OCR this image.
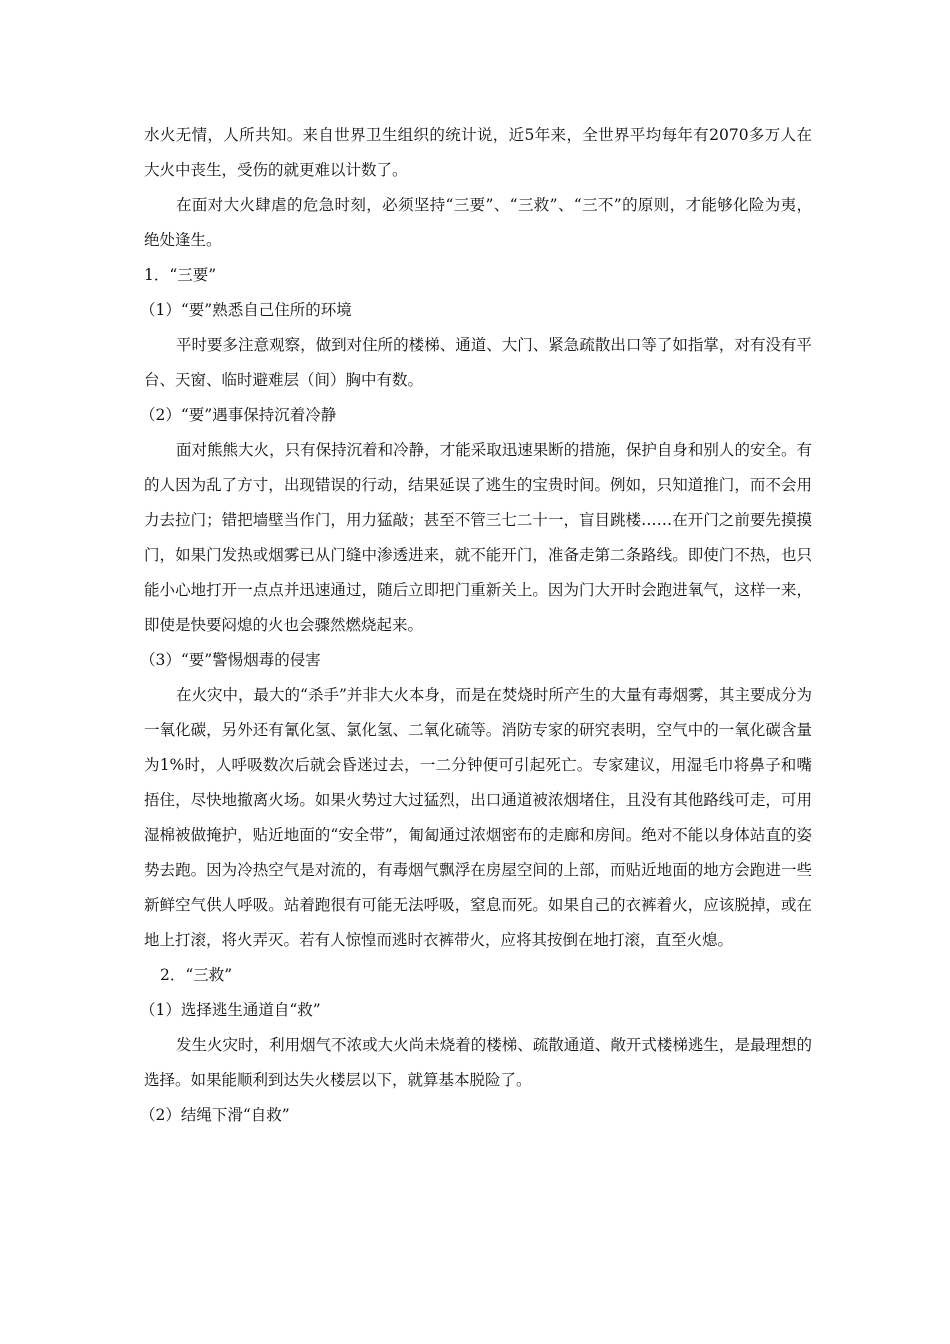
水火无情，人所共知。来自世界卫生组织的统计说，近5年来，全世界平均每年有2070多万人在大火中丧生，受伤的就更难以计数了。

在面对大火肆虐的危急时刻，必须坚持“三要”、“三救”、“三不”的原则，才能够化险为夷，绝处逢生。

1．“三要”

（1）“要”熟悉自己住所的环境

平时要多注意观察，做到对住所的楼梯、通道、大门、紧急疏散出口等了如指掌，对有没有平台、天窗、临时避难层（间）胸中有数。

（2）“要”遇事保持沉着冷静

面对熊熊大火，只有保持沉着和冷静，才能采取迅速果断的措施，保护自身和别人的安全。有的人因为乱了方寸，出现错误的行动，结果延误了逃生的宝贵时间。例如，只知道推门，而不会用力去拉门；错把墙壁当作门，用力猛敲；甚至不管三七二十一，盲目跳楼……在开门之前要先摸摸门，如果门发热或烟雾已从门缝中渗透进来，就不能开门，准备走第二条路线。即使门不热，也只能小心地打开一点点并迅速通过，随后立即把门重新关上。因为门大开时会跑进氧气，这样一来，即使是快要闷熄的火也会骤然燃烧起来。

（3）“要”警惕烟毒的侵害

在火灾中，最大的“杀手”并非大火本身，而是在焚烧时所产生的大量有毒烟雾，其主要成分为一氧化碳，另外还有氰化氢、氯化氢、二氧化硫等。消防专家的研究表明，空气中的一氧化碳含量为1%时，人呼吸数次后就会昏迷过去，一二分钟便可引起死亡。专家建议，用湿毛巾将鼻子和嘴捂住，尽快地撤离火场。如果火势过大过猛烈，出口通道被浓烟堵住，且没有其他路线可走，可用湿棉被做掩护，贴近地面的“安全带”，匍匐通过浓烟密布的走廊和房间。绝对不能以身体站直的姿势去跑。因为冷热空气是对流的，有毒烟气飘浮在房屋空间的上部，而贴近地面的地方会跑进一些新鲜空气供人呼吸。站着跑很有可能无法呼吸，窒息而死。如果自己的衣裤着火，应该脱掉，或在地上打滚，将火弄灭。若有人惊惶而逃时衣裤带火，应将其按倒在地打滚，直至火熄。

2．“三救”

（1）选择逃生通道自“救”

发生火灾时，利用烟气不浓或大火尚未烧着的楼梯、疏散通道、敞开式楼梯逃生，是最理想的选择。如果能顺利到达失火楼层以下，就算基本脱险了。

（2）结绳下滑“自救”
